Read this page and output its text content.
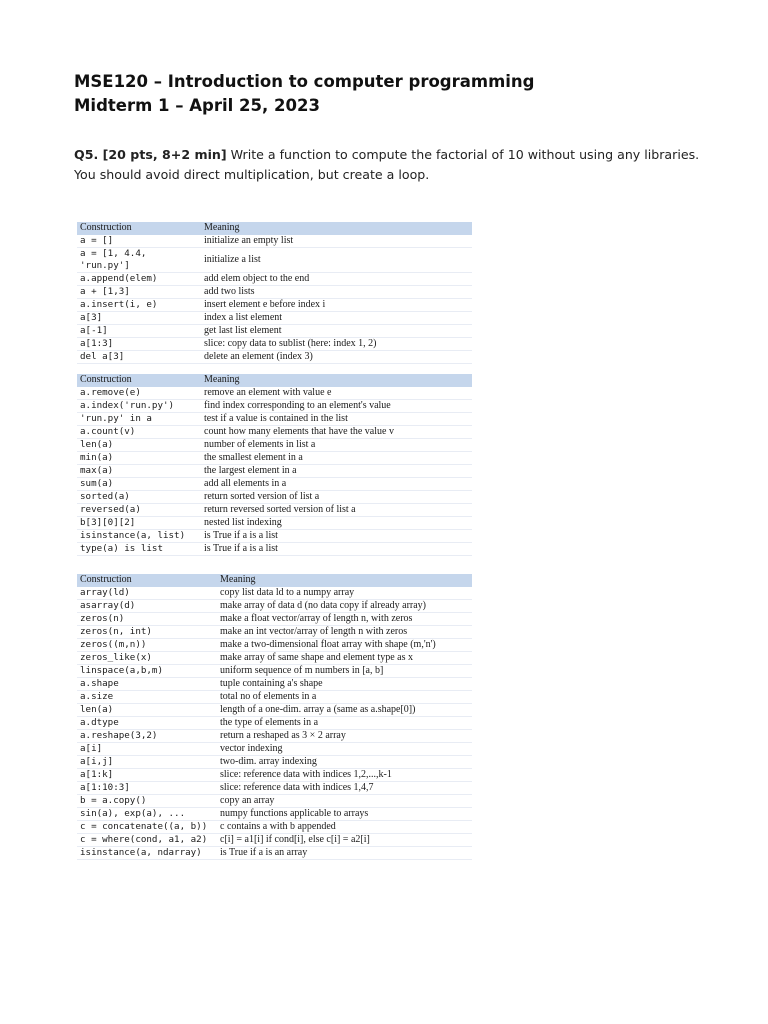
MSE120 – Introduction to computer programming
Midterm 1 – April 25, 2023
Q5. [20 pts, 8+2 min] Write a function to compute the factorial of 10 without using any libraries. You should avoid direct multiplication, but create a loop.
Construction	Meaning
a = []	initialize an empty list
a = [1, 4.4, 'run.py']	initialize a list
a.append(elem)	add elem object to the end
a + [1,3]	add two lists
a.insert(i, e)	insert element e before index i
a[3]	index a list element
a[-1]	get last list element
a[1:3]	slice: copy data to sublist (here: index 1, 2)
del a[3]	delete an element (index 3)
Construction	Meaning
a.remove(e)	remove an element with value e
a.index('run.py')	find index corresponding to an element's value
'run.py' in a	test if a value is contained in the list
a.count(v)	count how many elements that have the value v
len(a)	number of elements in list a
min(a)	the smallest element in a
max(a)	the largest element in a
sum(a)	add all elements in a
sorted(a)	return sorted version of list a
reversed(a)	return reversed sorted version of list a
b[3][0][2]	nested list indexing
isinstance(a, list)	is True if a is a list
type(a) is list	is True if a is a list
Construction	Meaning
array(ld)	copy list data ld to a numpy array
asarray(d)	make array of data d (no data copy if already array)
zeros(n)	make a float vector/array of length n, with zeros
zeros(n, int)	make an int vector/array of length n with zeros
zeros((m,n))	make a two-dimensional float array with shape (m,'n')
zeros_like(x)	make array of same shape and element type as x
linspace(a,b,m)	uniform sequence of m numbers in [a, b]
a.shape	tuple containing a's shape
a.size	total no of elements in a
len(a)	length of a one-dim. array a (same as a.shape[0])
a.dtype	the type of elements in a
a.reshape(3,2)	return a reshaped as 3 × 2 array
a[i]	vector indexing
a[i,j]	two-dim. array indexing
a[1:k]	slice: reference data with indices 1,2,...,k-1
a[1:10:3]	slice: reference data with indices 1,4,7
b = a.copy()	copy an array
sin(a), exp(a), ...	numpy functions applicable to arrays
c = concatenate((a, b))	c contains a with b appended
c = where(cond, a1, a2)	c[i] = a1[i] if cond[i], else c[i] = a2[i]
isinstance(a, ndarray)	is True if a is an array
